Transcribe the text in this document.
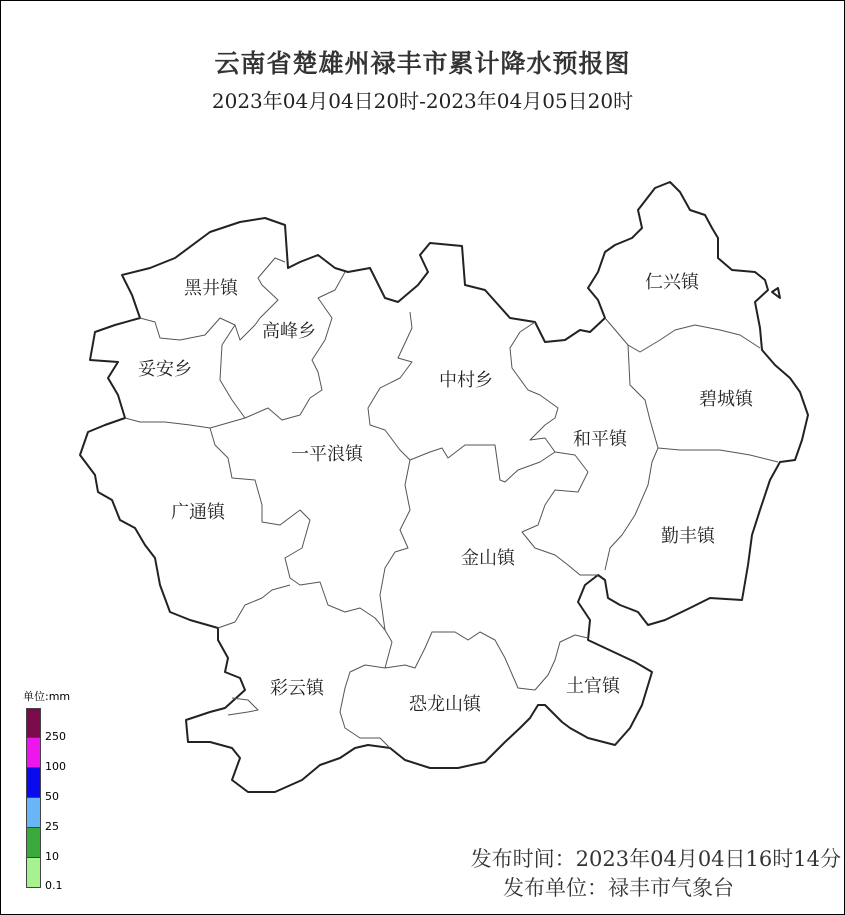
云南省楚雄州禄丰市累计降水预报图
2023年04月04日20时-2023年04月05日20时
黑井镇
高峰乡
妥安乡
中村乡
仁兴镇
碧城镇
一平浪镇
和平镇
广通镇
金山镇
勤丰镇
彩云镇
恐龙山镇
土官镇
单位:mm
250
100
50
25
10
0.1
发布时间：2023年04月04日16时14分
发布单位：禄丰市气象台
